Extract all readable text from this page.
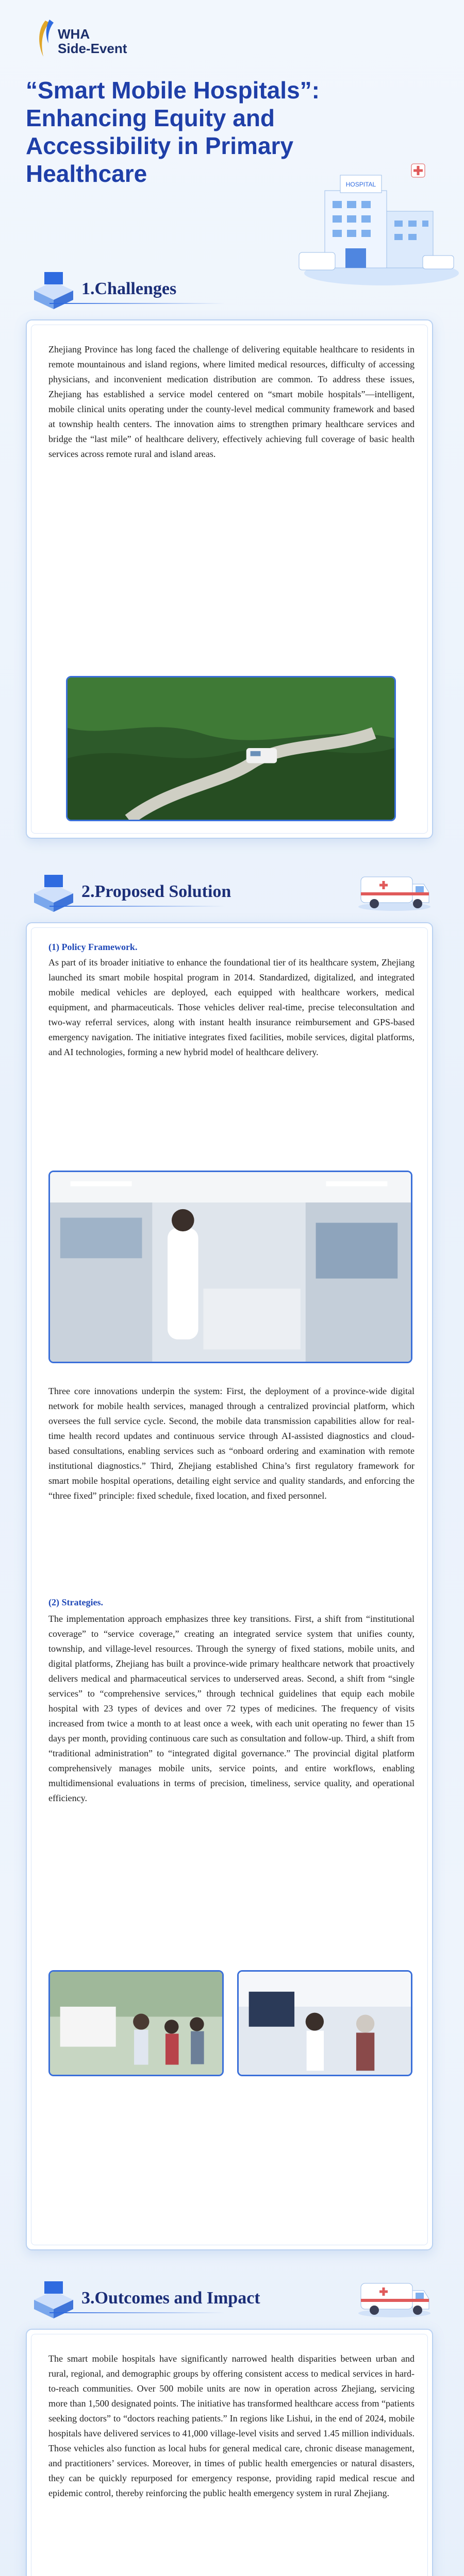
WHA
Side-Event
“Smart Mobile Hospitals”: Enhancing Equity and Accessibility in Primary Healthcare	HOSPITAL
1.Challenges

Zhejiang Province has long faced the challenge of delivering equitable healthcare to residents in remote mountainous and island regions, where limited medical resources, difficulty of accessing physicians, and inconvenient medication distribution are common. To address these issues, Zhejiang has established a service model centered on “smart mobile hospitals”—intelligent, mobile clinical units operating under the county-level medical community framework and based at township health centers. The innovation aims to strengthen primary healthcare services and bridge the “last mile” of healthcare delivery, effectively achieving full coverage of basic health services across remote rural and island areas.

2.Proposed Solution
(1) Policy Framework.

As part of its broader initiative to enhance the foundational tier of its healthcare system, Zhejiang launched its smart mobile hospital program in 2014. Standardized, digitalized, and integrated mobile medical vehicles are deployed, each equipped with healthcare workers, medical equipment, and pharmaceuticals. Those vehicles deliver real-time, precise teleconsultation and two-way referral services, along with instant health insurance reimbursement and GPS-based emergency navigation. The initiative integrates fixed facilities, mobile services, digital platforms, and AI technologies, forming a new hybrid model of healthcare delivery.

Three core innovations underpin the system: First, the deployment of a province-wide digital network for mobile health services, managed through a centralized provincial platform, which oversees the full service cycle. Second, the mobile data transmission capabilities allow for real-time health record updates and continuous service through AI-assisted diagnostics and cloud-based consultations, enabling services such as “onboard ordering and examination with remote institutional diagnostics.” Third, Zhejiang established China’s first regulatory framework for smart mobile hospital operations, detailing eight service and quality standards, and enforcing the “three fixed” principle: fixed schedule, fixed location, and fixed personnel.

(2) Strategies.

The implementation approach emphasizes three key transitions. First, a shift from “institutional coverage” to “service coverage,” creating an integrated service system that unifies county, township, and village-level resources. Through the synergy of fixed stations, mobile units, and digital platforms, Zhejiang has built a province-wide primary healthcare network that proactively delivers medical and pharmaceutical services to underserved areas. Second, a shift from “single services” to “comprehensive services,” through technical guidelines that equip each mobile hospital with 23 types of devices and over 72 types of medicines. The frequency of visits increased from twice a month to at least once a week, with each unit operating no fewer than 15 days per month, providing continuous care such as consultation and follow-up. Third, a shift from “traditional administration” to “integrated digital governance.” The provincial digital platform comprehensively manages mobile units, service points, and entire workflows, enabling multidimensional evaluations in terms of precision, timeliness, service quality, and operational efficiency.

3.Outcomes and Impact

The smart mobile hospitals have significantly narrowed health disparities between urban and rural, regional, and demographic groups by offering consistent access to medical services in hard-to-reach communities. Over 500 mobile units are now in operation across Zhejiang, servicing more than 1,500 designated points. The initiative has transformed healthcare access from “patients seeking doctors” to “doctors reaching patients.” In regions like Lishui, in the end of 2024, mobile hospitals have delivered services to 41,000 village-level visits and served 1.45 million individuals. Those vehicles also function as local hubs for general medical care, chronic disease management, and practitioners’ services. Moreover, in times of public health emergencies or natural disasters, they can be quickly repurposed for emergency response, providing rapid medical rescue and epidemic control, thereby reinforcing the public health emergency system in rural Zhejiang.
